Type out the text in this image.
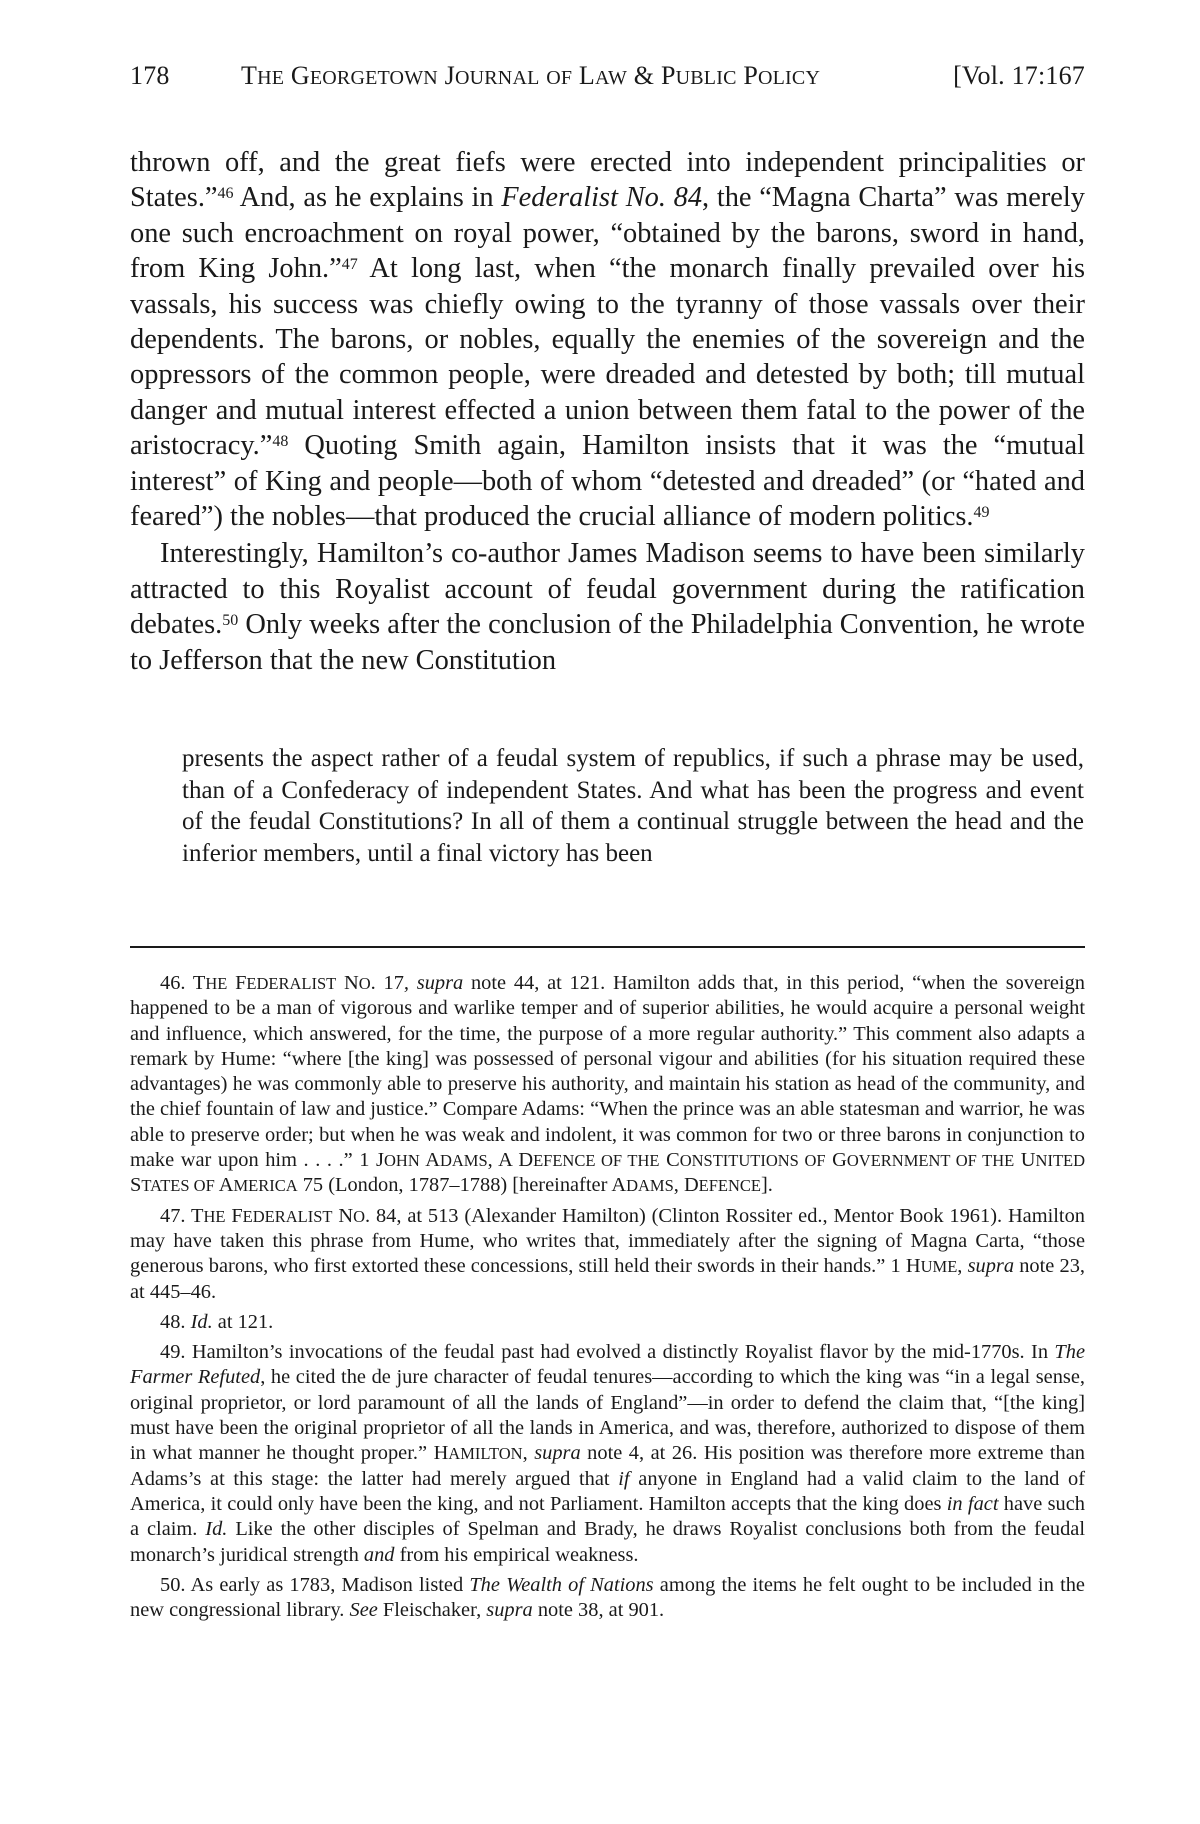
178	THE GEORGETOWN JOURNAL OF LAW & PUBLIC POLICY	[Vol. 17:167

thrown off, and the great fiefs were erected into independent principalities or States.”$^{46}$ And, as he explains in Federalist No. 84, the “Magna Charta” was merely one such encroachment on royal power, “obtained by the barons, sword in hand, from King John.”$^{47}$ At long last, when “the monarch finally prevailed over his vassals, his success was chiefly owing to the tyranny of those vassals over their dependents. The barons, or nobles, equally the enemies of the sovereign and the oppressors of the common people, were dreaded and detested by both; till mutual danger and mutual interest effected a union between them fatal to the power of the aristocracy.”$^{48}$ Quoting Smith again, Hamilton insists that it was the “mutual interest” of King and people—both of whom “detested and dreaded” (or “hated and feared”) the nobles—that produced the crucial alliance of modern politics.$^{49}$

Interestingly, Hamilton’s co-author James Madison seems to have been similarly attracted to this Royalist account of feudal government during the ratification debates.$^{50}$ Only weeks after the conclusion of the Philadelphia Convention, he wrote to Jefferson that the new Constitution

presents the aspect rather of a feudal system of republics, if such a phrase may be used, than of a Confederacy of independent States. And what has been the progress and event of the feudal Constitutions? In all of them a continual struggle between the head and the inferior members, until a final victory has been

46. THE FEDERALIST NO. 17, supra note 44, at 121. Hamilton adds that, in this period, “when the sovereign happened to be a man of vigorous and warlike temper and of superior abilities, he would acquire a personal weight and influence, which answered, for the time, the purpose of a more regular authority.” This comment also adapts a remark by Hume: “where [the king] was possessed of personal vigour and abilities (for his situation required these advantages) he was commonly able to preserve his authority, and maintain his station as head of the community, and the chief fountain of law and justice.” Compare Adams: “When the prince was an able statesman and warrior, he was able to preserve order; but when he was weak and indolent, it was common for two or three barons in conjunction to make war upon him . . . .” 1 JOHN ADAMS, A DEFENCE OF THE CONSTITUTIONS OF GOVERNMENT OF THE UNITED STATES OF AMERICA 75 (London, 1787–1788) [hereinafter ADAMS, DEFENCE].

47. THE FEDERALIST NO. 84, at 513 (Alexander Hamilton) (Clinton Rossiter ed., Mentor Book 1961). Hamilton may have taken this phrase from Hume, who writes that, immediately after the signing of Magna Carta, “those generous barons, who first extorted these concessions, still held their swords in their hands.” 1 HUME, supra note 23, at 445–46.

48. Id. at 121.

49. Hamilton’s invocations of the feudal past had evolved a distinctly Royalist flavor by the mid-1770s. In The Farmer Refuted, he cited the de jure character of feudal tenures—according to which the king was “in a legal sense, original proprietor, or lord paramount of all the lands of England”—in order to defend the claim that, “[the king] must have been the original proprietor of all the lands in America, and was, therefore, authorized to dispose of them in what manner he thought proper.” HAMILTON, supra note 4, at 26. His position was therefore more extreme than Adams’s at this stage: the latter had merely argued that if anyone in England had a valid claim to the land of America, it could only have been the king, and not Parliament. Hamilton accepts that the king does in fact have such a claim. Id. Like the other disciples of Spelman and Brady, he draws Royalist conclusions both from the feudal monarch’s juridical strength and from his empirical weakness.

50. As early as 1783, Madison listed The Wealth of Nations among the items he felt ought to be included in the new congressional library. See Fleischaker, supra note 38, at 901.
